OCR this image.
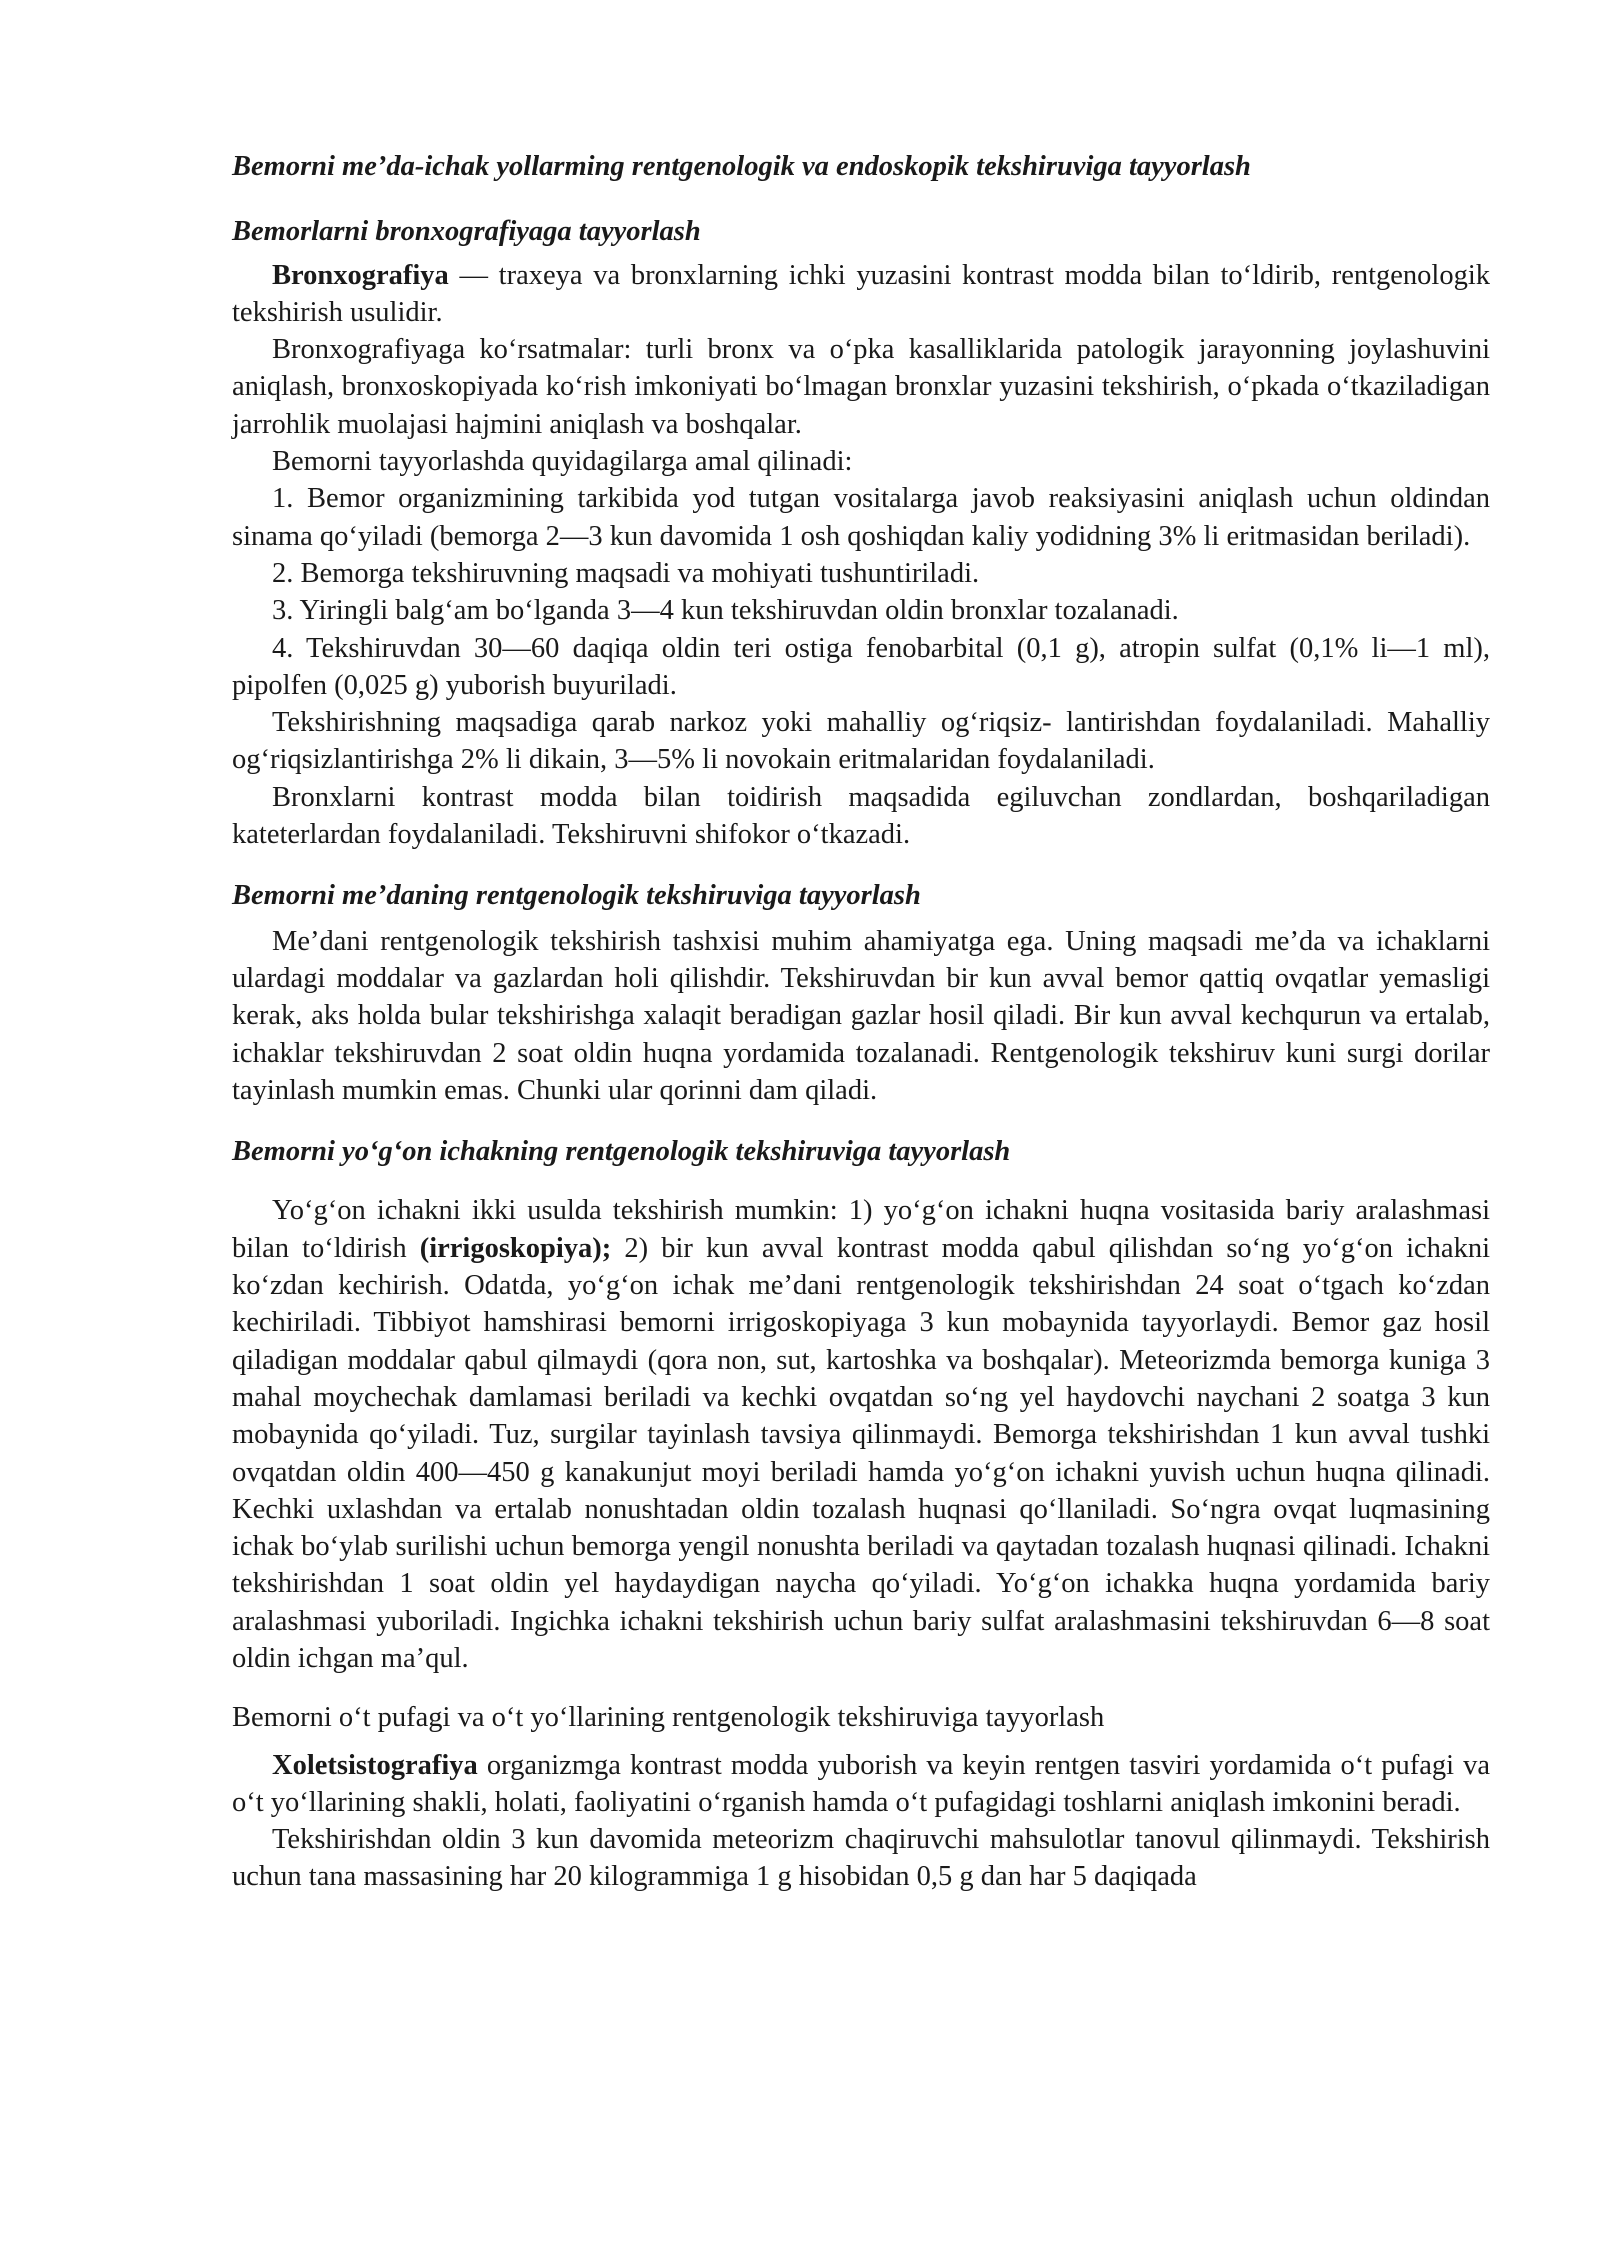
Bemorni me’da-ichak yollarming rentgenologik va endoskopik tekshiruviga tayyorlash

Bemorlarni bronxografiyaga tayyorlash

Bronxografiya — traxeya va bronxlarning ichki yuzasini kontrast modda bilan toʻldirib, rentgenologik tekshirish usulidir.

Bronxografiyaga koʻrsatmalar: turli bronx va oʻpka kasalliklarida patologik jarayonning joylashuvini aniqlash, bronxoskopiyada koʻrish imkoniyati boʻlmagan bronxlar yuzasini tekshirish, oʻpkada oʻtkaziladigan jarrohlik muolajasi hajmini aniqlash va boshqalar.

Bemorni tayyorlashda quyidagilarga amal qilinadi:

1. Bemor organizmining tarkibida yod tutgan vositalarga javob reaksiyasini aniqlash uchun oldindan sinama qoʻyiladi (bemorga 2—3 kun davomida 1 osh qoshiqdan kaliy yodidning 3% li eritmasidan beriladi).

2. Bemorga tekshiruvning maqsadi va mohiyati tushuntiriladi.

3. Yiringli balgʻam boʻlganda 3—4 kun tekshiruvdan oldin bronxlar tozalanadi.

4. Tekshiruvdan 30—60 daqiqa oldin teri ostiga fenobarbital (0,1 g), atropin sulfat (0,1% li—1 ml), pipolfen (0,025 g) yuborish buyuriladi.

Tekshirishning maqsadiga qarab narkoz yoki mahalliy ogʻriqsiz- lantirishdan foydalaniladi. Mahalliy ogʻriqsizlantirishga 2% li dikain, 3—5% li novokain eritmalaridan foydalaniladi.

Bronxlarni kontrast modda bilan toidirish maqsadida egiluvchan zondlardan, boshqariladigan kateterlardan foydalaniladi. Tekshiruvni shifokor oʻtkazadi.

Bemorni me’daning rentgenologik tekshiruviga tayyorlash

Me’dani rentgenologik tekshirish tashxisi muhim ahamiyatga ega. Uning maqsadi me’da va ichaklarni ulardagi moddalar va gazlardan holi qilishdir. Tekshiruvdan bir kun avval bemor qattiq ovqatlar yemasligi kerak, aks holda bular tekshirishga xalaqit beradigan gazlar hosil qiladi. Bir kun avval kechqurun va ertalab, ichaklar tekshiruvdan 2 soat oldin huqna yordamida tozalanadi. Rentgenologik tekshiruv kuni surgi dorilar tayinlash mumkin emas. Chunki ular qorinni dam qiladi.

Bemorni yoʻgʻon ichakning rentgenologik tekshiruviga tayyorlash

Yoʻgʻon ichakni ikki usulda tekshirish mumkin: 1) yoʻgʻon ichakni huqna vositasida bariy aralashmasi bilan toʻldirish (irrigoskopiya); 2) bir kun avval kontrast modda qabul qilishdan soʻng yoʻgʻon ichakni koʻzdan kechirish. Odatda, yoʻgʻon ichak me’dani rentgenologik tekshirishdan 24 soat oʻtgach koʻzdan kechiriladi. Tibbiyot hamshirasi bemorni irrigoskopiyaga 3 kun mobaynida tayyorlaydi. Bemor gaz hosil qiladigan moddalar qabul qilmaydi (qora non, sut, kartoshka va boshqalar). Meteorizmda bemorga kuniga 3 mahal moychechak damlamasi beriladi va kechki ovqatdan soʻng yel haydovchi naychani 2 soatga 3 kun mobaynida qoʻyiladi. Tuz, surgilar tayinlash tavsiya qilinmaydi. Bemorga tekshirishdan 1 kun avval tushki ovqatdan oldin 400—450 g kanakunjut moyi beriladi hamda yoʻgʻon ichakni yuvish uchun huqna qilinadi. Kechki uxlashdan va ertalab nonushtadan oldin tozalash huqnasi qoʻllaniladi. Soʻngra ovqat luqmasining ichak boʻylab surilishi uchun bemorga yengil nonushta beriladi va qaytadan tozalash huqnasi qilinadi. Ichakni tekshirishdan 1 soat oldin yel haydaydigan naycha qoʻyiladi. Yoʻgʻon ichakka huqna yordamida bariy aralashmasi yuboriladi. Ingichka ichakni tekshirish uchun bariy sulfat aralashmasini tekshiruvdan 6—8 soat oldin ichgan ma’qul.

Bemorni oʻt pufagi va oʻt yoʻllarining rentgenologik tekshiruviga tayyorlash

Xoletsistografiya organizmga kontrast modda yuborish va keyin rentgen tasviri yordamida oʻt pufagi va oʻt yoʻllarining shakli, holati, faoliyatini oʻrganish hamda oʻt pufagidagi toshlarni aniqlash imkonini beradi.

Tekshirishdan oldin 3 kun davomida meteorizm chaqiruvchi mahsulotlar tanovul qilinmaydi. Tekshirish uchun tana massasining har 20 kilogrammiga 1 g hisobidan 0,5 g dan har 5 daqiqada
